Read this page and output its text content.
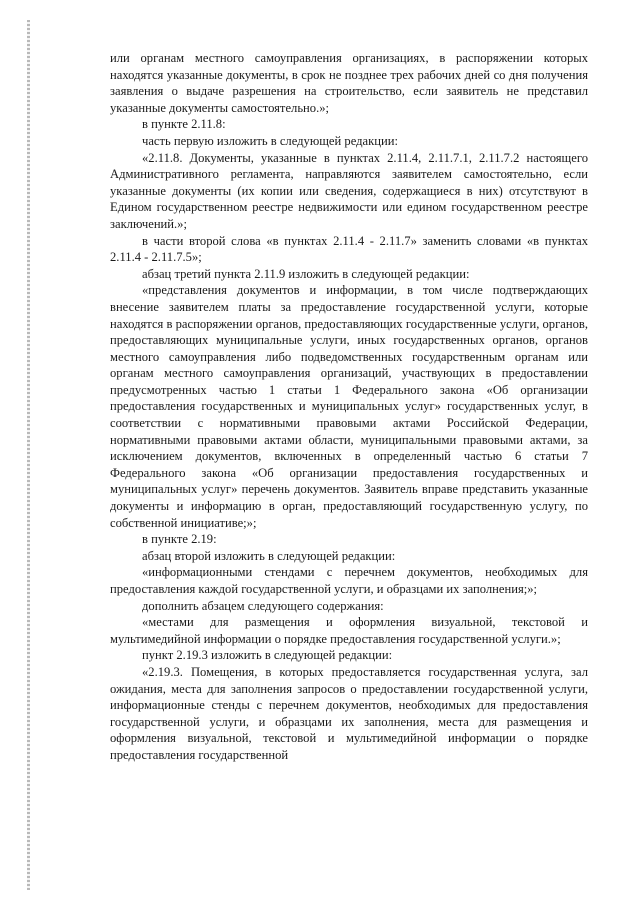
или органам местного самоуправления организациях, в распоряжении которых находятся указанные документы, в срок не позднее трех рабочих дней со дня получения заявления о выдаче разрешения на строительство, если заявитель не представил указанные документы самостоятельно.»;

в пункте 2.11.8:

часть первую изложить в следующей редакции:

«2.11.8. Документы, указанные в пунктах 2.11.4, 2.11.7.1, 2.11.7.2 настоящего Административного регламента, направляются заявителем самостоятельно, если указанные документы (их копии или сведения, содержащиеся в них) отсутствуют в Едином государственном реестре недвижимости или едином государственном реестре заключений.»;

в части второй слова «в пунктах 2.11.4 - 2.11.7» заменить словами «в пунктах 2.11.4 - 2.11.7.5»;

абзац третий пункта 2.11.9 изложить в следующей редакции:

«представления документов и информации, в том числе подтверждающих внесение заявителем платы за предоставление государственной услуги, которые находятся в распоряжении органов, предоставляющих государственные услуги, органов, предоставляющих муниципальные услуги, иных государственных органов, органов местного самоуправления либо подведомственных государственным органам или органам местного самоуправления организаций, участвующих в предоставлении предусмотренных частью 1 статьи 1 Федерального закона «Об организации предоставления государственных и муниципальных услуг» государственных услуг, в соответствии с нормативными правовыми актами Российской Федерации, нормативными правовыми актами области, муниципальными правовыми актами, за исключением документов, включенных в определенный частью 6 статьи 7 Федерального закона «Об организации предоставления государственных и муниципальных услуг» перечень документов. Заявитель вправе представить указанные документы и информацию в орган, предоставляющий государственную услугу, по собственной инициативе;»;

в пункте 2.19:

абзац второй изложить в следующей редакции:

«информационными стендами с перечнем документов, необходимых для предоставления каждой государственной услуги, и образцами их заполнения;»;

дополнить абзацем следующего содержания:

«местами для размещения и оформления визуальной, текстовой и мультимедийной информации о порядке предоставления государственной услуги.»;

пункт 2.19.3 изложить в следующей редакции:

«2.19.3. Помещения, в которых предоставляется государственная услуга, зал ожидания, места для заполнения запросов о предоставлении государственной услуги, информационные стенды с перечнем документов, необходимых для предоставления государственной услуги, и образцами их заполнения, места для размещения и оформления визуальной, текстовой и мультимедийной информации о порядке предоставления государственной
